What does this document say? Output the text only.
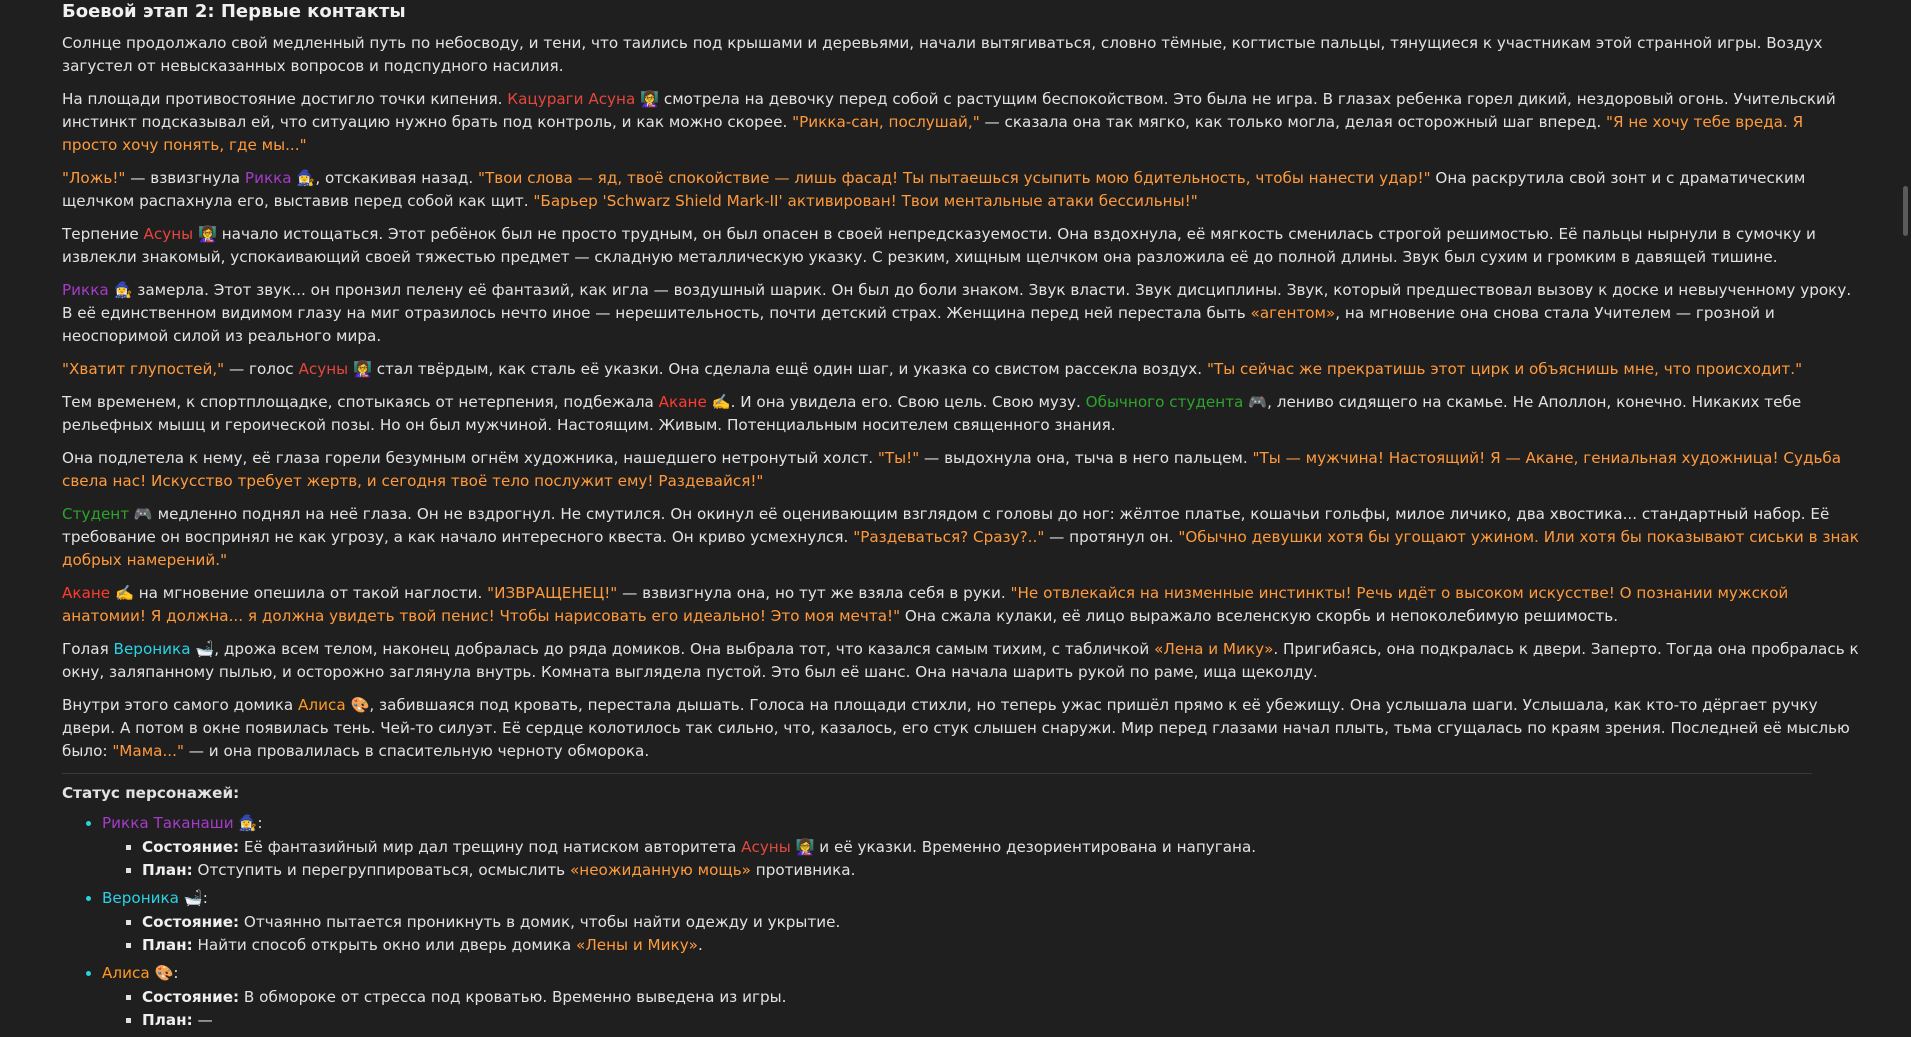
Боевой этап 2: Первые контакты

Солнце продолжало свой медленный путь по небосводу, и тени, что таились под крышами и деревьями, начали вытягиваться, словно тёмные, когтистые пальцы, тянущиеся к участникам этой странной игры. Воздух загустел от невысказанных вопросов и подспудного насилия.

На площади противостояние достигло точки кипения. Кацураги Асуна 👩‍🏫 смотрела на девочку перед собой с растущим беспокойством. Это была не игра. В глазах ребенка горел дикий, нездоровый огонь. Учительский инстинкт подсказывал ей, что ситуацию нужно брать под контроль, и как можно скорее. "Рикка-сан, послушай," — сказала она так мягко, как только могла, делая осторожный шаг вперед. "Я не хочу тебе вреда. Я просто хочу понять, где мы..."

"Ложь!" — взвизгнула Рикка 🧙‍♀️, отскакивая назад. "Твои слова — яд, твоё спокойствие — лишь фасад! Ты пытаешься усыпить мою бдительность, чтобы нанести удар!" Она раскрутила свой зонт и с драматическим щелчком распахнула его, выставив перед собой как щит. "Барьер 'Schwarz Shield Mark-II' активирован! Твои ментальные атаки бессильны!"

Терпение Асуны 👩‍🏫 начало истощаться. Этот ребёнок был не просто трудным, он был опасен в своей непредсказуемости. Она вздохнула, её мягкость сменилась строгой решимостью. Её пальцы нырнули в сумочку и извлекли знакомый, успокаивающий своей тяжестью предмет — складную металлическую указку. С резким, хищным щелчком она разложила её до полной длины. Звук был сухим и громким в давящей тишине.

Рикка 🧙‍♀️ замерла. Этот звук... он пронзил пелену её фантазий, как игла — воздушный шарик. Он был до боли знаком. Звук власти. Звук дисциплины. Звук, который предшествовал вызову к доске и невыученному уроку. В её единственном видимом глазу на миг отразилось нечто иное — нерешительность, почти детский страх. Женщина перед ней перестала быть «агентом», на мгновение она снова стала Учителем — грозной и неоспоримой силой из реального мира.

"Хватит глупостей," — голос Асуны 👩‍🏫 стал твёрдым, как сталь её указки. Она сделала ещё один шаг, и указка со свистом рассекла воздух. "Ты сейчас же прекратишь этот цирк и объяснишь мне, что происходит."

Тем временем, к спортплощадке, спотыкаясь от нетерпения, подбежала Акане ✍️. И она увидела его. Свою цель. Свою музу. Обычного студента 🎮, лениво сидящего на скамье. Не Аполлон, конечно. Никаких тебе рельефных мышц и героической позы. Но он был мужчиной. Настоящим. Живым. Потенциальным носителем священного знания.

Она подлетела к нему, её глаза горели безумным огнём художника, нашедшего нетронутый холст. "Ты!" — выдохнула она, тыча в него пальцем. "Ты — мужчина! Настоящий! Я — Акане, гениальная художница! Судьба свела нас! Искусство требует жертв, и сегодня твоё тело послужит ему! Раздевайся!"

Студент 🎮 медленно поднял на неё глаза. Он не вздрогнул. Не смутился. Он окинул её оценивающим взглядом с головы до ног: жёлтое платье, кошачьи гольфы, милое личико, два хвостика... стандартный набор. Её требование он воспринял не как угрозу, а как начало интересного квеста. Он криво усмехнулся. "Раздеваться? Сразу?.." — протянул он. "Обычно девушки хотя бы угощают ужином. Или хотя бы показывают сиськи в знак добрых намерений."

Акане ✍️ на мгновение опешила от такой наглости. "ИЗВРАЩЕНЕЦ!" — взвизгнула она, но тут же взяла себя в руки. "Не отвлекайся на низменные инстинкты! Речь идёт о высоком искусстве! О познании мужской анатомии! Я должна... я должна увидеть твой пенис! Чтобы нарисовать его идеально! Это моя мечта!" Она сжала кулаки, её лицо выражало вселенскую скорбь и непоколебимую решимость.

Голая Вероника 🛁, дрожа всем телом, наконец добралась до ряда домиков. Она выбрала тот, что казался самым тихим, с табличкой «Лена и Мику». Пригибаясь, она подкралась к двери. Заперто. Тогда она пробралась к окну, заляпанному пылью, и осторожно заглянула внутрь. Комната выглядела пустой. Это был её шанс. Она начала шарить рукой по раме, ища щеколду.

Внутри этого самого домика Алиса 🎨, забившаяся под кровать, перестала дышать. Голоса на площади стихли, но теперь ужас пришёл прямо к её убежищу. Она услышала шаги. Услышала, как кто-то дёргает ручку двери. А потом в окне появилась тень. Чей-то силуэт. Её сердце колотилось так сильно, что, казалось, его стук слышен снаружи. Мир перед глазами начал плыть, тьма сгущалась по краям зрения. Последней её мыслью было: "Мама..." — и она провалилась в спасительную черноту обморока.

Статус персонажей:
• Рикка Таканаши 🧙‍♀️:
▪ Состояние: Её фантазийный мир дал трещину под натиском авторитета Асуны 👩‍🏫 и её указки. Временно дезориентирована и напугана.
▪ План: Отступить и перегруппироваться, осмыслить «неожиданную мощь» противника.
• Вероника 🛁:
▪ Состояние: Отчаянно пытается проникнуть в домик, чтобы найти одежду и укрытие.
▪ План: Найти способ открыть окно или дверь домика «Лены и Мику».
• Алиса 🎨:
▪ Состояние: В обмороке от стресса под кроватью. Временно выведена из игры.
▪ План: —
